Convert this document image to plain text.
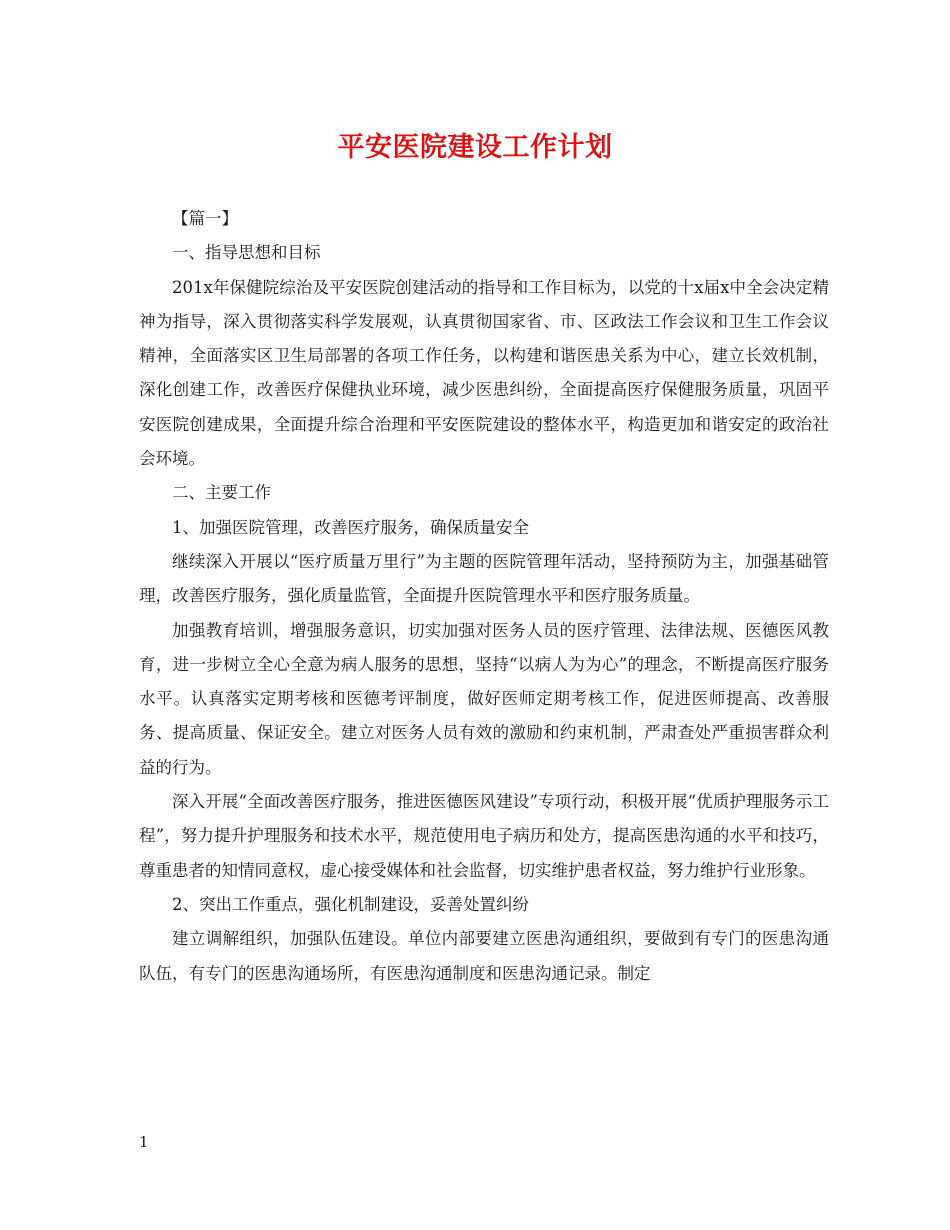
平安医院建设工作计划

【篇一】

一、指导思想和目标

201x年保健院综治及平安医院创建活动的指导和工作目标为，以党的十x届x中全会决定精神为指导，深入贯彻落实科学发展观，认真贯彻国家省、市、区政法工作会议和卫生工作会议精神，全面落实区卫生局部署的各项工作任务，以构建和谐医患关系为中心，建立长效机制，深化创建工作，改善医疗保健执业环境，减少医患纠纷，全面提高医疗保健服务质量，巩固平安医院创建成果，全面提升综合治理和平安医院建设的整体水平，构造更加和谐安定的政治社会环境。

二、主要工作

1、加强医院管理，改善医疗服务，确保质量安全

继续深入开展以“医疗质量万里行”为主题的医院管理年活动，坚持预防为主，加强基础管理，改善医疗服务，强化质量监管，全面提升医院管理水平和医疗服务质量。

加强教育培训，增强服务意识，切实加强对医务人员的医疗管理、法律法规、医德医风教育，进一步树立全心全意为病人服务的思想，坚持“以病人为为心”的理念，不断提高医疗服务水平。认真落实定期考核和医德考评制度，做好医师定期考核工作，促进医师提高、改善服务、提高质量、保证安全。建立对医务人员有效的激励和约束机制，严肃查处严重损害群众利益的行为。

深入开展“全面改善医疗服务，推进医德医风建设”专项行动，积极开展“优质护理服务示工程”，努力提升护理服务和技术水平，规范使用电子病历和处方，提高医患沟通的水平和技巧，尊重患者的知情同意权，虚心接受媒体和社会监督，切实维护患者权益，努力维护行业形象。

2、突出工作重点，强化机制建设，妥善处置纠纷

建立调解组织，加强队伍建设。单位内部要建立医患沟通组织，要做到有专门的医患沟通队伍，有专门的医患沟通场所，有医患沟通制度和医患沟通记录。制定

1
